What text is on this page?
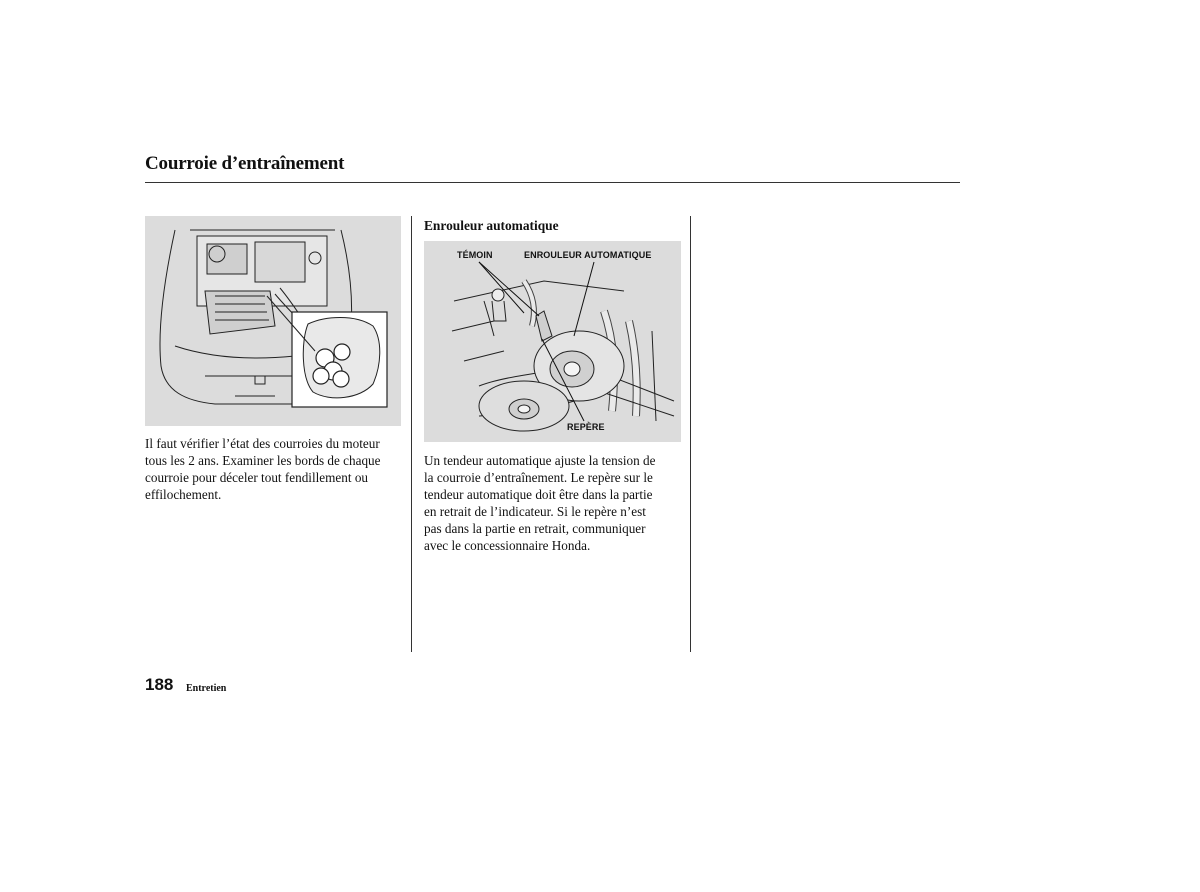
Courroie d’entraînement

Il faut vérifier l’état des courroies du moteur
tous les 2 ans. Examiner les bords de chaque
courroie pour déceler tout fendillement ou
effilochement.

Enrouleur automatique
TÉMOIN	ENROULEUR AUTOMATIQUE
REPÈRE

Un tendeur automatique ajuste la tension de
la courroie d’entraînement. Le repère sur le
tendeur automatique doit être dans la partie
en retrait de l’indicateur. Si le repère n’est
pas dans la partie en retrait, communiquer
avec le concessionnaire Honda.

188 Entretien
